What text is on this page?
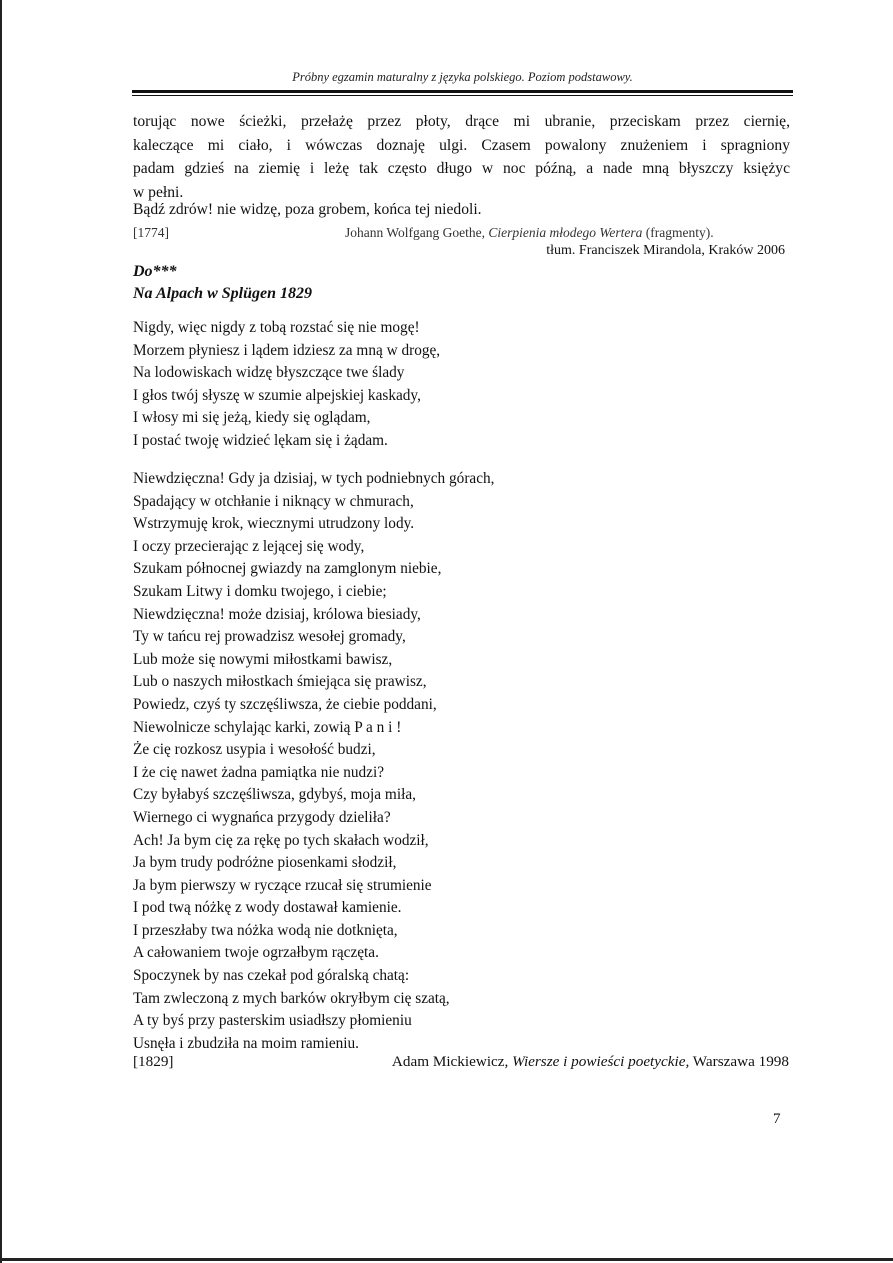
Próbny egzamin maturalny z języka polskiego. Poziom podstawowy.

torując nowe ścieżki, przełażę przez płoty, drące mi ubranie, przeciskam przez ciernię,

kaleczące mi ciało, i wówczas doznaję ulgi. Czasem powalony znużeniem i spragniony

padam gdzieś na ziemię i leżę tak często długo w noc późną, a nade mną błyszczy księżyc

w pełni.

Bądź zdrów! nie widzę, poza grobem, końca tej niedoli.
[1774]	Johann Wolfgang Goethe, Cierpienia młodego Wertera (fragmenty).
tłum. Franciszek Mirandola, Kraków 2006
Do***
Na Alpach w Splügen 1829
Nigdy, więc nigdy z tobą rozstać się nie mogę!
Morzem płyniesz i lądem idziesz za mną w drogę,
Na lodowiskach widzę błyszczące twe ślady
I głos twój słyszę w szumie alpejskiej kaskady,
I włosy mi się jeżą, kiedy się oglądam,
I postać twoję widzieć lękam się i żądam.
Niewdzięczna! Gdy ja dzisiaj, w tych podniebnych górach,
Spadający w otchłanie i niknący w chmurach,
Wstrzymuję krok, wiecznymi utrudzony lody.
I oczy przecierając z lejącej się wody,
Szukam północnej gwiazdy na zamglonym niebie,
Szukam Litwy i domku twojego, i ciebie;
Niewdzięczna! może dzisiaj, królowa biesiady,
Ty w tańcu rej prowadzisz wesołej gromady,
Lub może się nowymi miłostkami bawisz,
Lub o naszych miłostkach śmiejąca się prawisz,
Powiedz, czyś ty szczęśliwsza, że ciebie poddani,
Niewolnicze schylając karki, zowią P a n i !
Że cię rozkosz usypia i wesołość budzi,
I że cię nawet żadna pamiątka nie nudzi?
Czy byłabyś szczęśliwsza, gdybyś, moja miła,
Wiernego ci wygnańca przygody dzieliła?
Ach! Ja bym cię za rękę po tych skałach wodził,
Ja bym trudy podróżne piosenkami słodził,
Ja bym pierwszy w ryczące rzucał się strumienie
I pod twą nóżkę z wody dostawał kamienie.
I przeszłaby twa nóżka wodą nie dotknięta,
A całowaniem twoje ogrzałbym rączęta.
Spoczynek by nas czekał pod góralską chatą:
Tam zwleczoną z mych barków okryłbym cię szatą,
A ty byś przy pasterskim usiadłszy płomieniu
Usnęła i zbudziła na moim ramieniu.
[1829]	Adam Mickiewicz, Wiersze i powieści poetyckie, Warszawa 1998
7
